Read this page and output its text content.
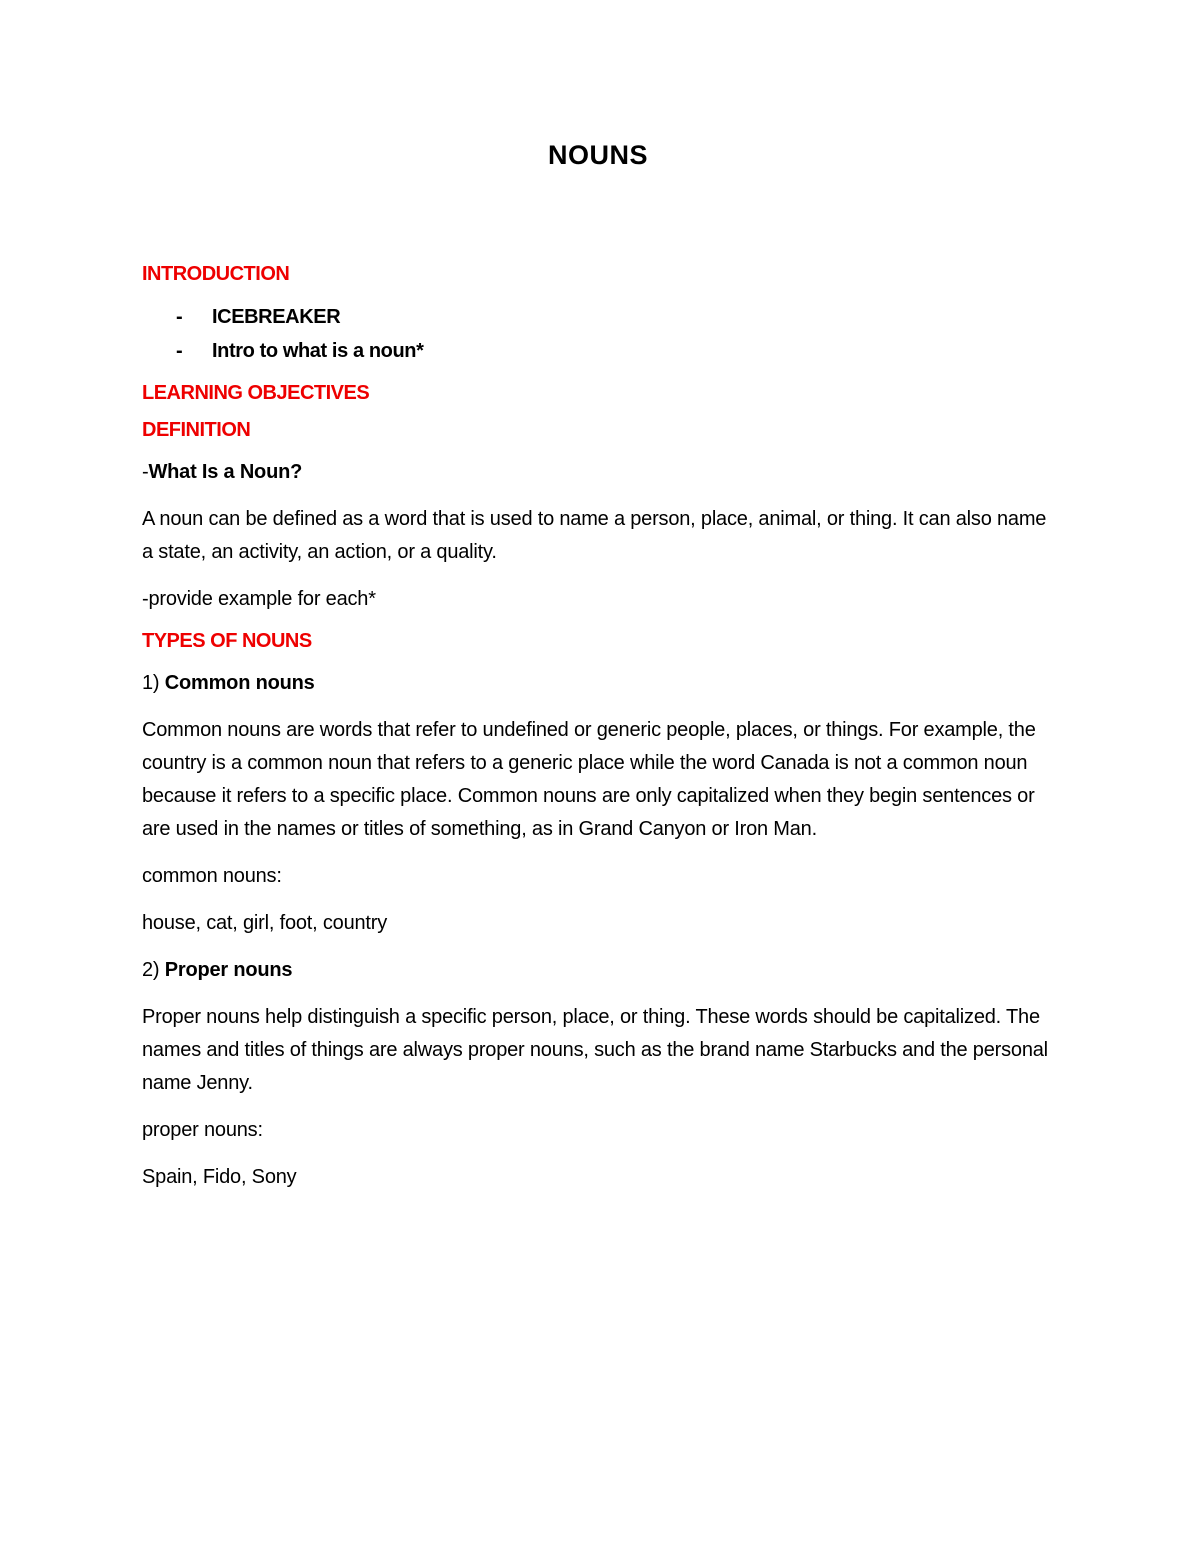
NOUNS

INTRODUCTION

- ICEBREAKER
- Intro to what is a noun*

LEARNING OBJECTIVES

DEFINITION

-What Is a Noun?

A noun can be defined as a word that is used to name a person, place, animal, or thing. It can also name a state, an activity, an action, or a quality.

-provide example for each*

TYPES OF NOUNS

1) Common nouns

Common nouns are words that refer to undefined or generic people, places, or things. For example, the country is a common noun that refers to a generic place while the word Canada is not a common noun because it refers to a specific place. Common nouns are only capitalized when they begin sentences or are used in the names or titles of something, as in Grand Canyon or Iron Man.

common nouns:

house, cat, girl, foot, country

2) Proper nouns

Proper nouns help distinguish a specific person, place, or thing. These words should be capitalized. The names and titles of things are always proper nouns, such as the brand name Starbucks and the personal name Jenny.

proper nouns:

Spain, Fido, Sony
